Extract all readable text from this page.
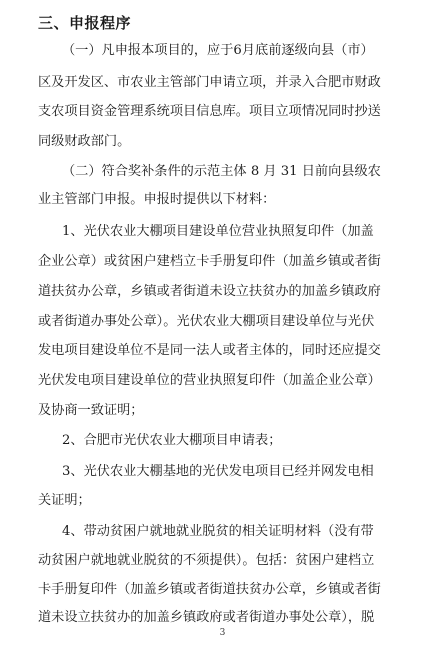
三、申报程序
（一）凡申报本项目的，应于6月底前逐级向县（市）
区及开发区、市农业主管部门申请立项，并录入合肥市财政
支农项目资金管理系统项目信息库。项目立项情况同时抄送
同级财政部门。
（二）符合奖补条件的示范主体 8 月 31 日前向县级农
业主管部门申报。申报时提供以下材料：
1、光伏农业大棚项目建设单位营业执照复印件（加盖
企业公章）或贫困户建档立卡手册复印件（加盖乡镇或者街
道扶贫办公章，乡镇或者街道未设立扶贫办的加盖乡镇政府
或者街道办事处公章）。光伏农业大棚项目建设单位与光伏
发电项目建设单位不是同一法人或者主体的，同时还应提交
光伏发电项目建设单位的营业执照复印件（加盖企业公章）
及协商一致证明；
2、合肥市光伏农业大棚项目申请表；
3、光伏农业大棚基地的光伏发电项目已经并网发电相
关证明；
4、带动贫困户就地就业脱贫的相关证明材料（没有带
动贫困户就地就业脱贫的不须提供）。包括：贫困户建档立
卡手册复印件（加盖乡镇或者街道扶贫办公章，乡镇或者街
道未设立扶贫办的加盖乡镇政府或者街道办事处公章），脱
3
